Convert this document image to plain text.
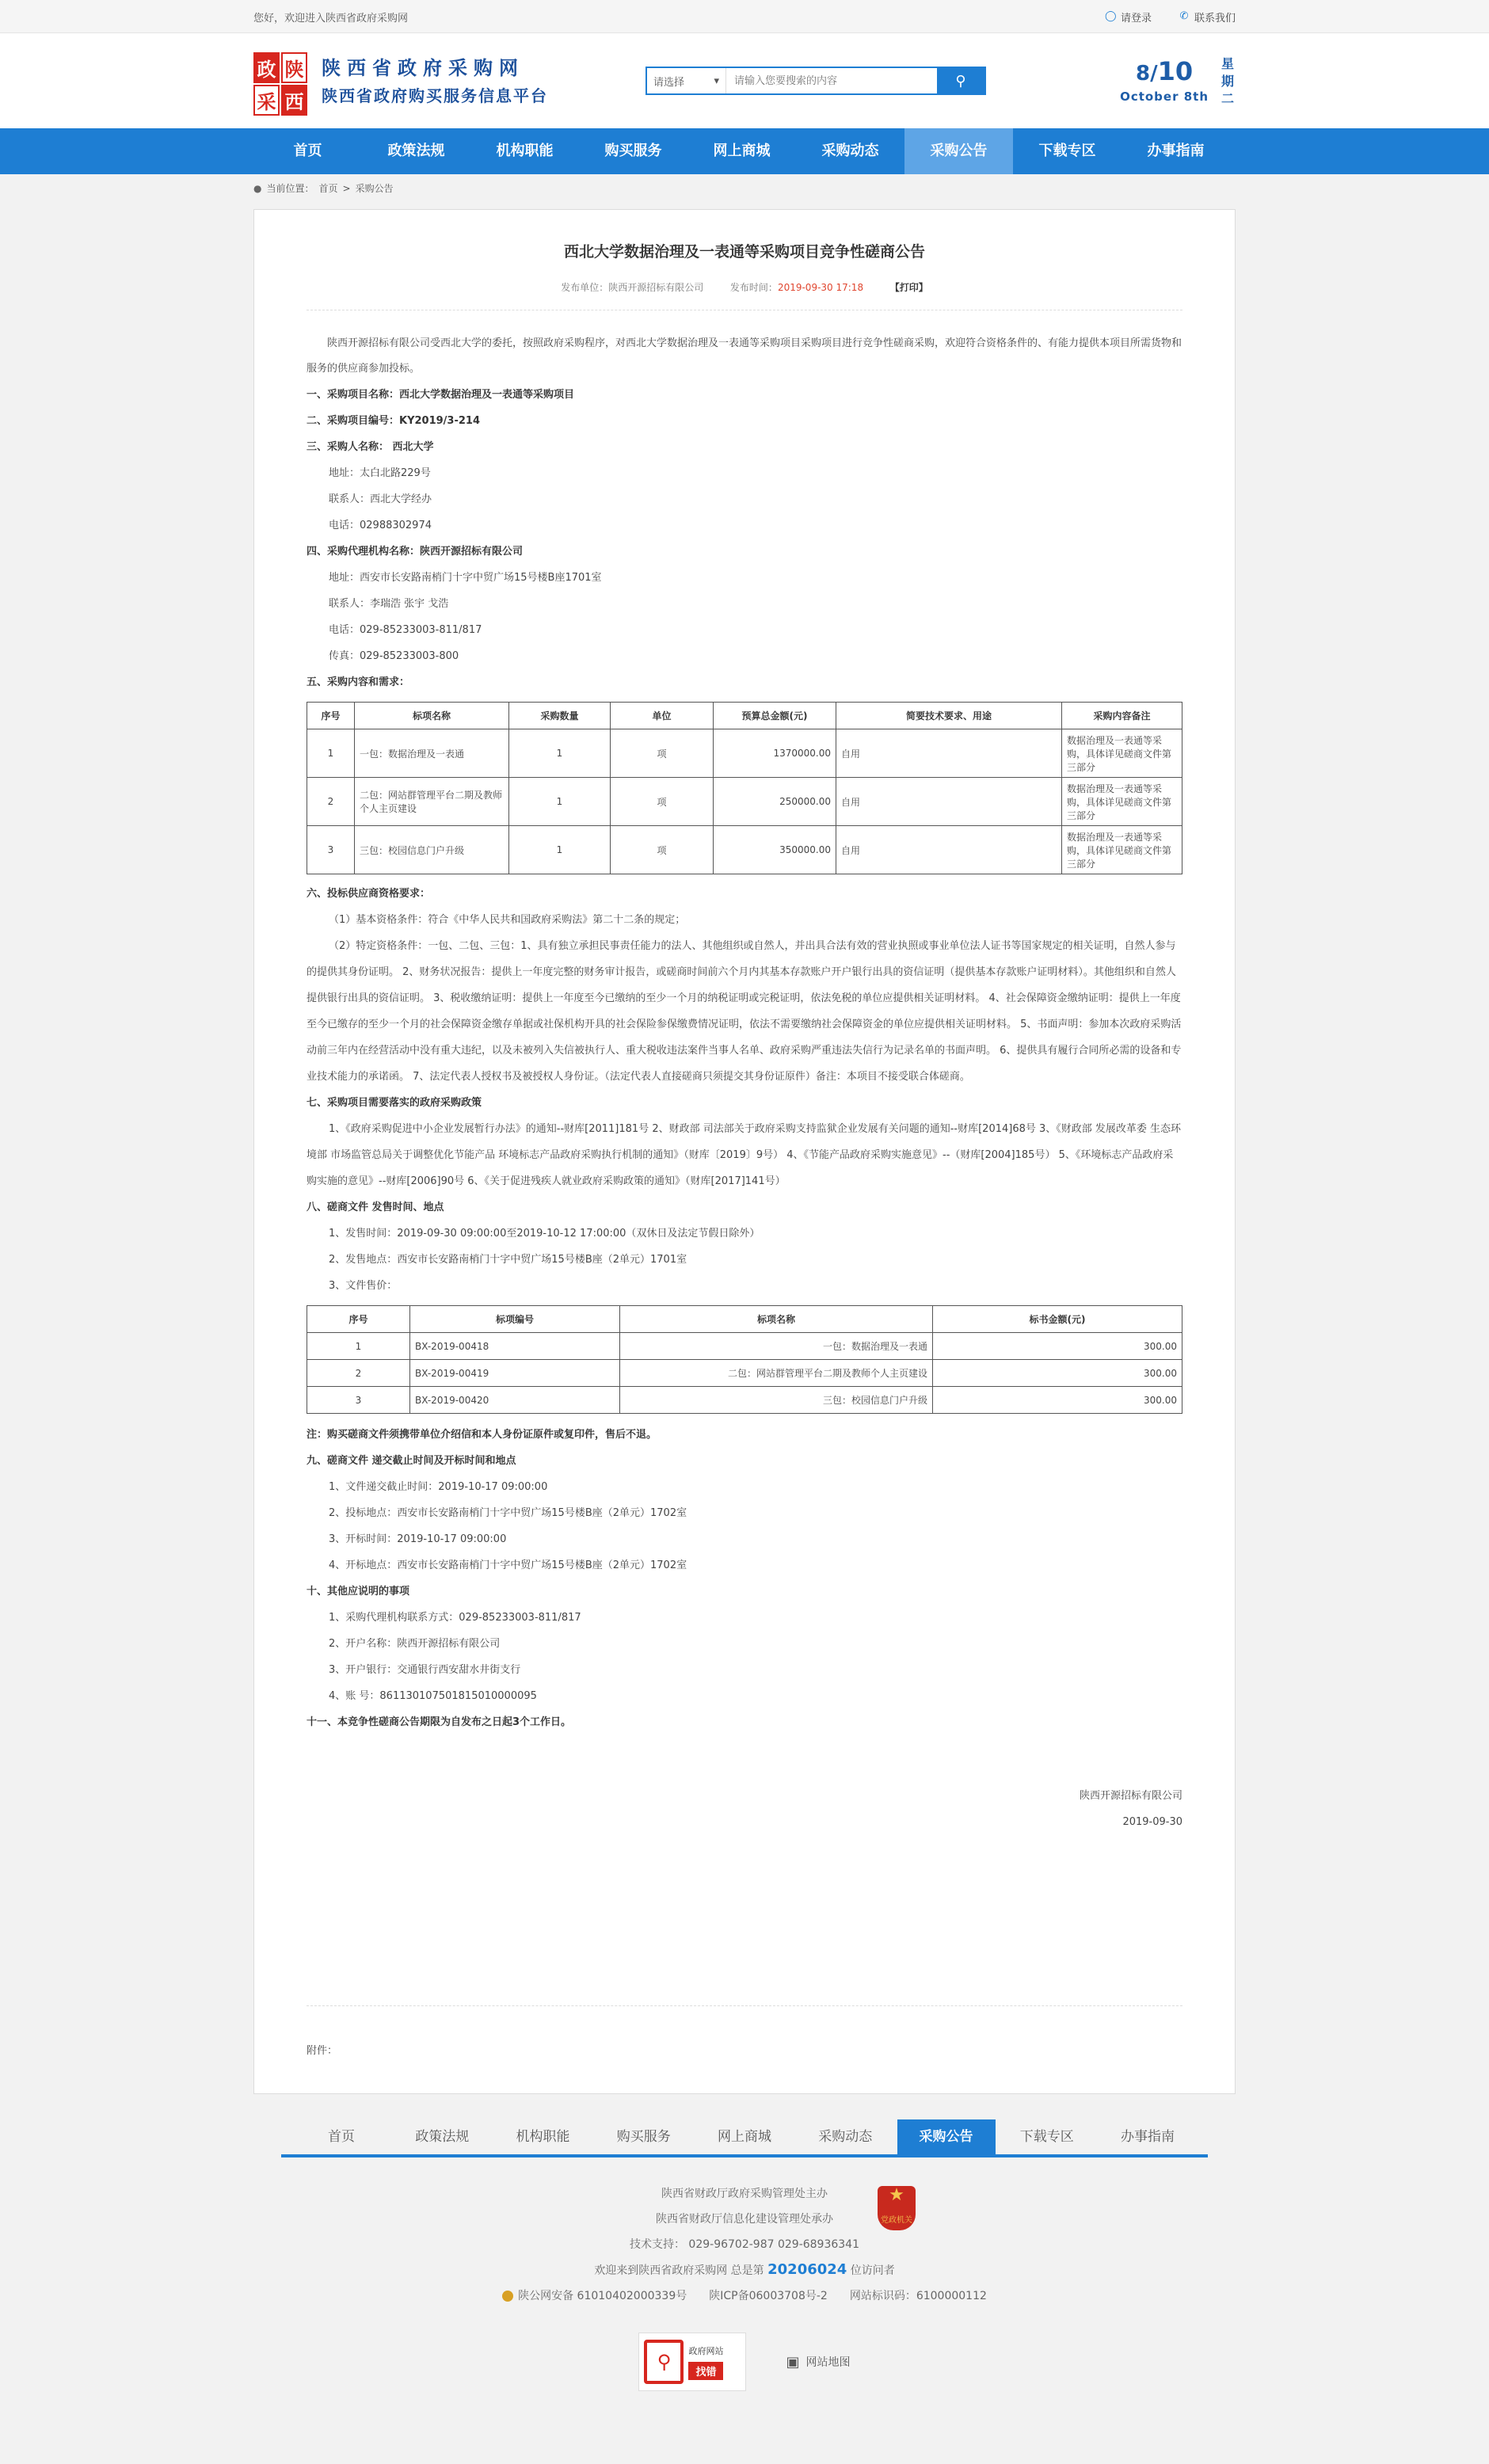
您好，欢迎进入陕西省政府采购网	◯ 请登录	✆ 联系我们
政 陕
采 西
陕西省政府采购网
陕西省政府购买服务信息平台
请选择	▾
请输入您要搜索的内容	⚲	8/10
October 8th
星
期
二
首页	政策法规	机构职能	购买服务	网上商城	采购动态	采购公告	下载专区	办事指南
● 当前位置： 首页 > 采购公告
西北大学数据治理及一表通等采购项目竞争性磋商公告
发布单位：陕西开源招标有限公司	发布时间：2019-09-30 17:18	【打印】

陕西开源招标有限公司受西北大学的委托，按照政府采购程序，对西北大学数据治理及一表通等采购项目采购项目进行竞争性磋商采购，欢迎符合资格条件的、有能力提供本项目所需货物和服务的供应商参加投标。

一、采购项目名称：西北大学数据治理及一表通等采购项目

二、采购项目编号：KY2019/3-214

三、采购人名称： 西北大学

地址：太白北路229号

联系人：西北大学经办

电话：02988302974

四、采购代理机构名称：陕西开源招标有限公司

地址：西安市长安路南梢门十字中贸广场15号楼B座1701室

联系人：李瑞浩 张宇 戈浩

电话：029-85233003-811/817

传真：029-85233003-800

五、采购内容和需求：

序号	标项名称	采购数量	单位	预算总金额(元)	简要技术要求、用途	采购内容备注
1	一包：数据治理及一表通	1	项	1370000.00	自用	数据治理及一表通等采购，具体详见磋商文件第三部分
2	二包：网站群管理平台二期及教师个人主页建设	1	项	250000.00	自用	数据治理及一表通等采购，具体详见磋商文件第三部分
3	三包：校园信息门户升级	1	项	350000.00	自用	数据治理及一表通等采购，具体详见磋商文件第三部分

六、投标供应商资格要求：

（1）基本资格条件：符合《中华人民共和国政府采购法》第二十二条的规定；

（2）特定资格条件：一包、二包、三包：1、具有独立承担民事责任能力的法人、其他组织或自然人，并出具合法有效的营业执照或事业单位法人证书等国家规定的相关证明，自然人参与的提供其身份证明。 2、财务状况报告：提供上一年度完整的财务审计报告，或磋商时间前六个月内其基本存款账户开户银行出具的资信证明（提供基本存款账户证明材料）。其他组织和自然人提供银行出具的资信证明。 3、税收缴纳证明：提供上一年度至今已缴纳的至少一个月的纳税证明或完税证明，依法免税的单位应提供相关证明材料。 4、社会保障资金缴纳证明：提供上一年度至今已缴存的至少一个月的社会保障资金缴存单据或社保机构开具的社会保险参保缴费情况证明，依法不需要缴纳社会保障资金的单位应提供相关证明材料。 5、书面声明：参加本次政府采购活动前三年内在经营活动中没有重大违纪，以及未被列入失信被执行人、重大税收违法案件当事人名单、政府采购严重违法失信行为记录名单的书面声明。 6、提供具有履行合同所必需的设备和专业技术能力的承诺函。 7、法定代表人授权书及被授权人身份证。（法定代表人直接磋商只须提交其身份证原件）备注：本项目不接受联合体磋商。

七、采购项目需要落实的政府采购政策

1、《政府采购促进中小企业发展暂行办法》的通知--财库[2011]181号 2、财政部 司法部关于政府采购支持监狱企业发展有关问题的通知--财库[2014]68号 3、《财政部 发展改革委 生态环境部 市场监管总局关于调整优化节能产品 环境标志产品政府采购执行机制的通知》（财库〔2019〕9号） 4、《节能产品政府采购实施意见》--（财库[2004]185号） 5、《环境标志产品政府采购实施的意见》--财库[2006]90号 6、《关于促进残疾人就业政府采购政策的通知》（财库[2017]141号）

八、磋商文件 发售时间、地点

1、发售时间：2019-09-30 09:00:00至2019-10-12 17:00:00（双休日及法定节假日除外）

2、发售地点：西安市长安路南梢门十字中贸广场15号楼B座（2单元）1701室

3、文件售价：

序号	标项编号	标项名称	标书金额(元)
1	BX-2019-00418	一包：数据治理及一表通	300.00
2	BX-2019-00419	二包：网站群管理平台二期及教师个人主页建设	300.00
3	BX-2019-00420	三包：校园信息门户升级	300.00

注：购买磋商文件须携带单位介绍信和本人身份证原件或复印件，售后不退。

九、磋商文件 递交截止时间及开标时间和地点

1、文件递交截止时间：2019-10-17 09:00:00

2、投标地点：西安市长安路南梢门十字中贸广场15号楼B座（2单元）1702室

3、开标时间：2019-10-17 09:00:00

4、开标地点：西安市长安路南梢门十字中贸广场15号楼B座（2单元）1702室

十、其他应说明的事项

1、采购代理机构联系方式：029-85233003-811/817

2、开户名称：陕西开源招标有限公司

3、开户银行：交通银行西安甜水井街支行

4、账 号：861130107501815010000095

十一、本竞争性磋商公告期限为自发布之日起3个工作日。

陕西开源招标有限公司

2019-09-30

附件：
首页	政策法规	机构职能	购买服务	网上商城	采购动态	采购公告	下载专区	办事指南
陕西省财政厅政府采购管理处主办
陕西省财政厅信息化建设管理处承办
技术支持： 029-96702-987 029-68936341
欢迎来到陕西省政府采购网 总是第 20206024 位访问者
陕公网安备 61010402000339号 陕ICP备06003708号-2 网站标识码：6100000112
★
党政机关
⚲	政府网站
找错
▣ 网站地图
